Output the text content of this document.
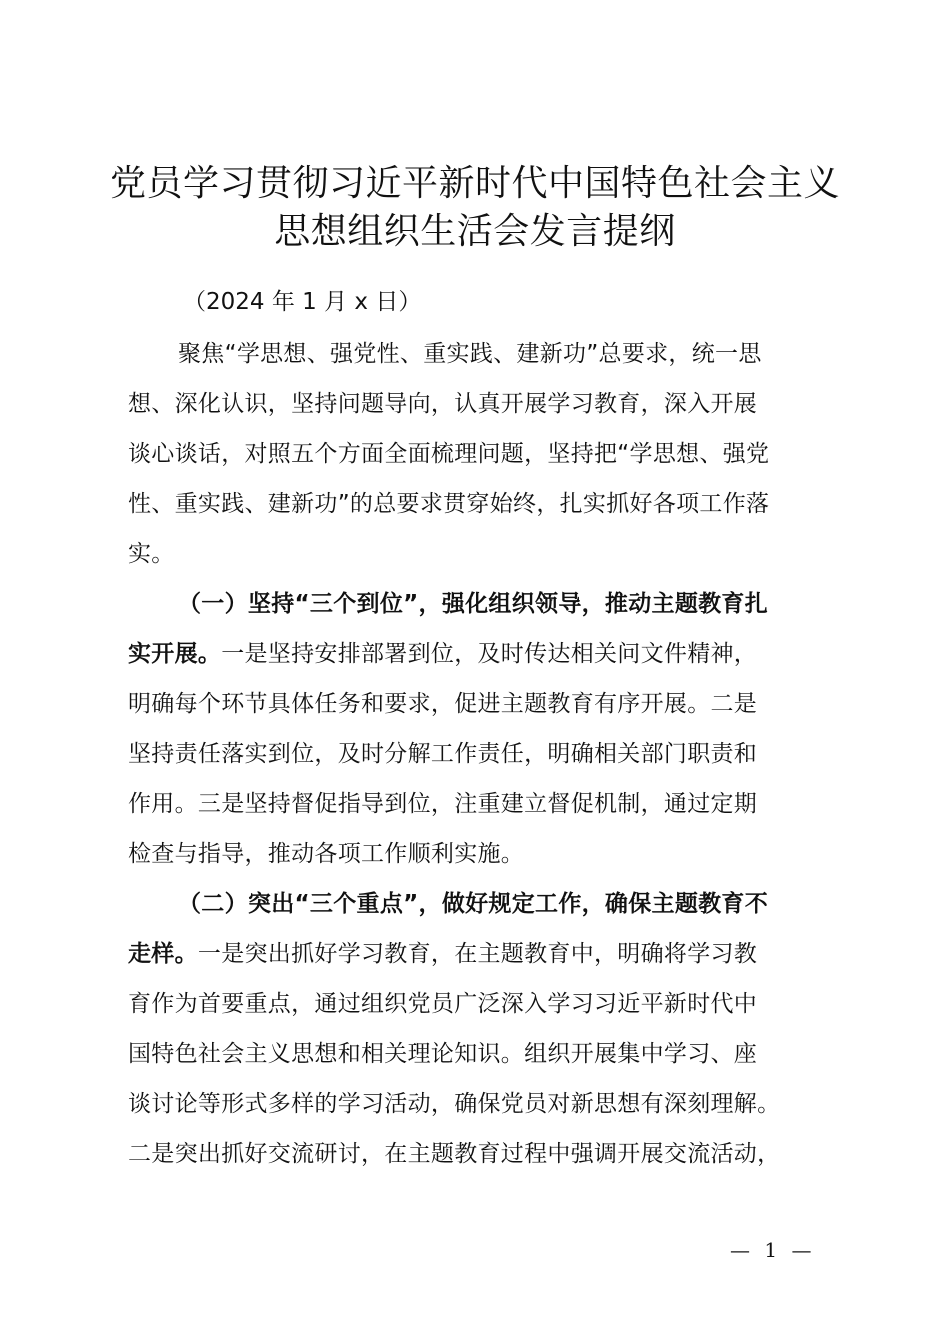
党员学习贯彻习近平新时代中国特色社会主义
思想组织生活会发言提纲
（2024 年 1 月 x 日）
聚焦“学思想、强党性、重实践、建新功”总要求，统一思
想、深化认识，坚持问题导向，认真开展学习教育，深入开展
谈心谈话，对照五个方面全面梳理问题，坚持把“学思想、强党
性、重实践、建新功”的总要求贯穿始终，扎实抓好各项工作落
实。
（一）坚持“三个到位”，强化组织领导，推动主题教育扎
实开展。一是坚持安排部署到位，及时传达相关问文件精神，
明确每个环节具体任务和要求，促进主题教育有序开展。二是
坚持责任落实到位，及时分解工作责任，明确相关部门职责和
作用。三是坚持督促指导到位，注重建立督促机制，通过定期
检查与指导，推动各项工作顺利实施。
（二）突出“三个重点”，做好规定工作，确保主题教育不
走样。一是突出抓好学习教育，在主题教育中，明确将学习教
育作为首要重点，通过组织党员广泛深入学习习近平新时代中
国特色社会主义思想和相关理论知识。组织开展集中学习、座
谈讨论等形式多样的学习活动，确保党员对新思想有深刻理解。
二是突出抓好交流研讨，在主题教育过程中强调开展交流活动，
— 1 —
